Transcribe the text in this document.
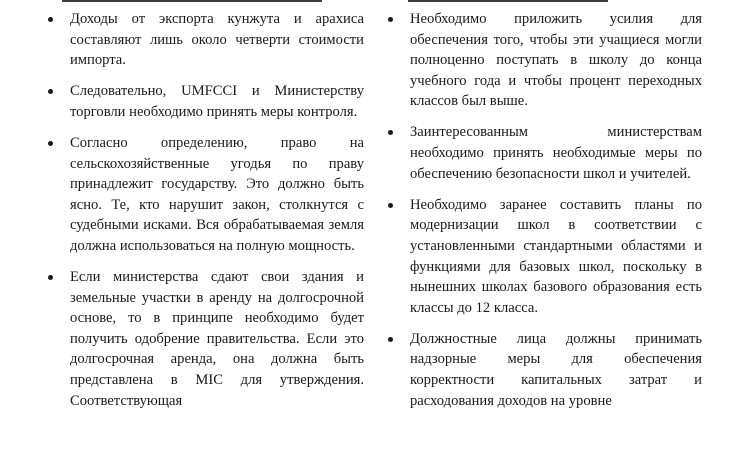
Доходы от экспорта кунжута и арахиса составляют лишь около четверти стоимости импорта.
Следовательно, UMFCCI и Министерству торговли необходимо принять меры контроля.
Согласно определению, право на сельскохозяйственные угодья по праву принадлежит государству. Это должно быть ясно. Те, кто нарушит закон, столкнутся с судебными исками. Вся обрабатываемая земля должна использоваться на полную мощность.
Если министерства сдают свои здания и земельные участки в аренду на долгосрочной основе, то в принципе необходимо будет получить одобрение правительства. Если это долгосрочная аренда, она должна быть представлена в MIC для утверждения. Соответствующая
Необходимо приложить усилия для обеспечения того, чтобы эти учащиеся могли полноценно поступать в школу до конца учебного года и чтобы процент переходных классов был выше.
Заинтересованным министерствам необходимо принять необходимые меры по обеспечению безопасности школ и учителей.
Необходимо заранее составить планы по модернизации школ в соответствии с установленными стандартными областями и функциями для базовых школ, поскольку в нынешних школах базового образования есть классы до 12 класса.
Должностные лица должны принимать надзорные меры для обеспечения корректности капитальных затрат и расходования доходов на уровне
